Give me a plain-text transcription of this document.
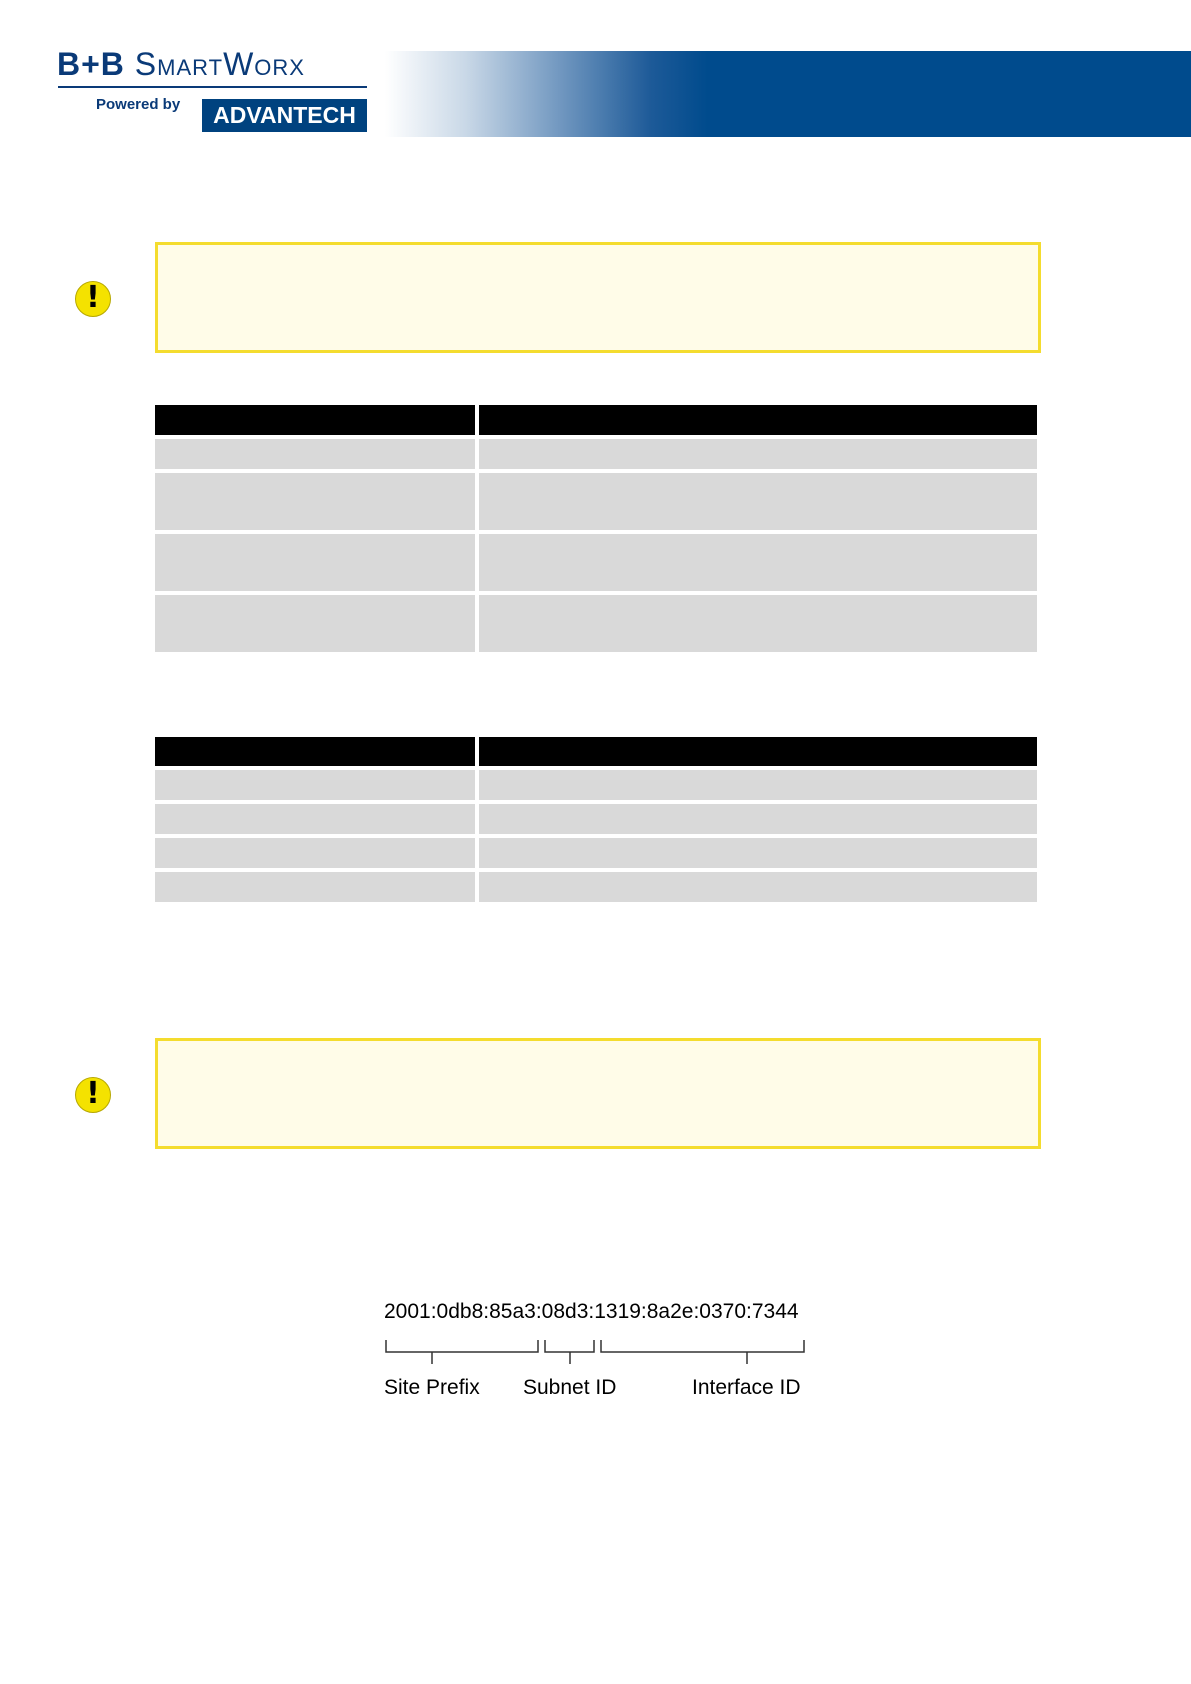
B+B SmartWorx
Powered by	ADVANTECH
!
!
2001:0db8:85a3:08d3:1319:8a2e:0370:7344
Site Prefix Subnet ID	Interface ID
